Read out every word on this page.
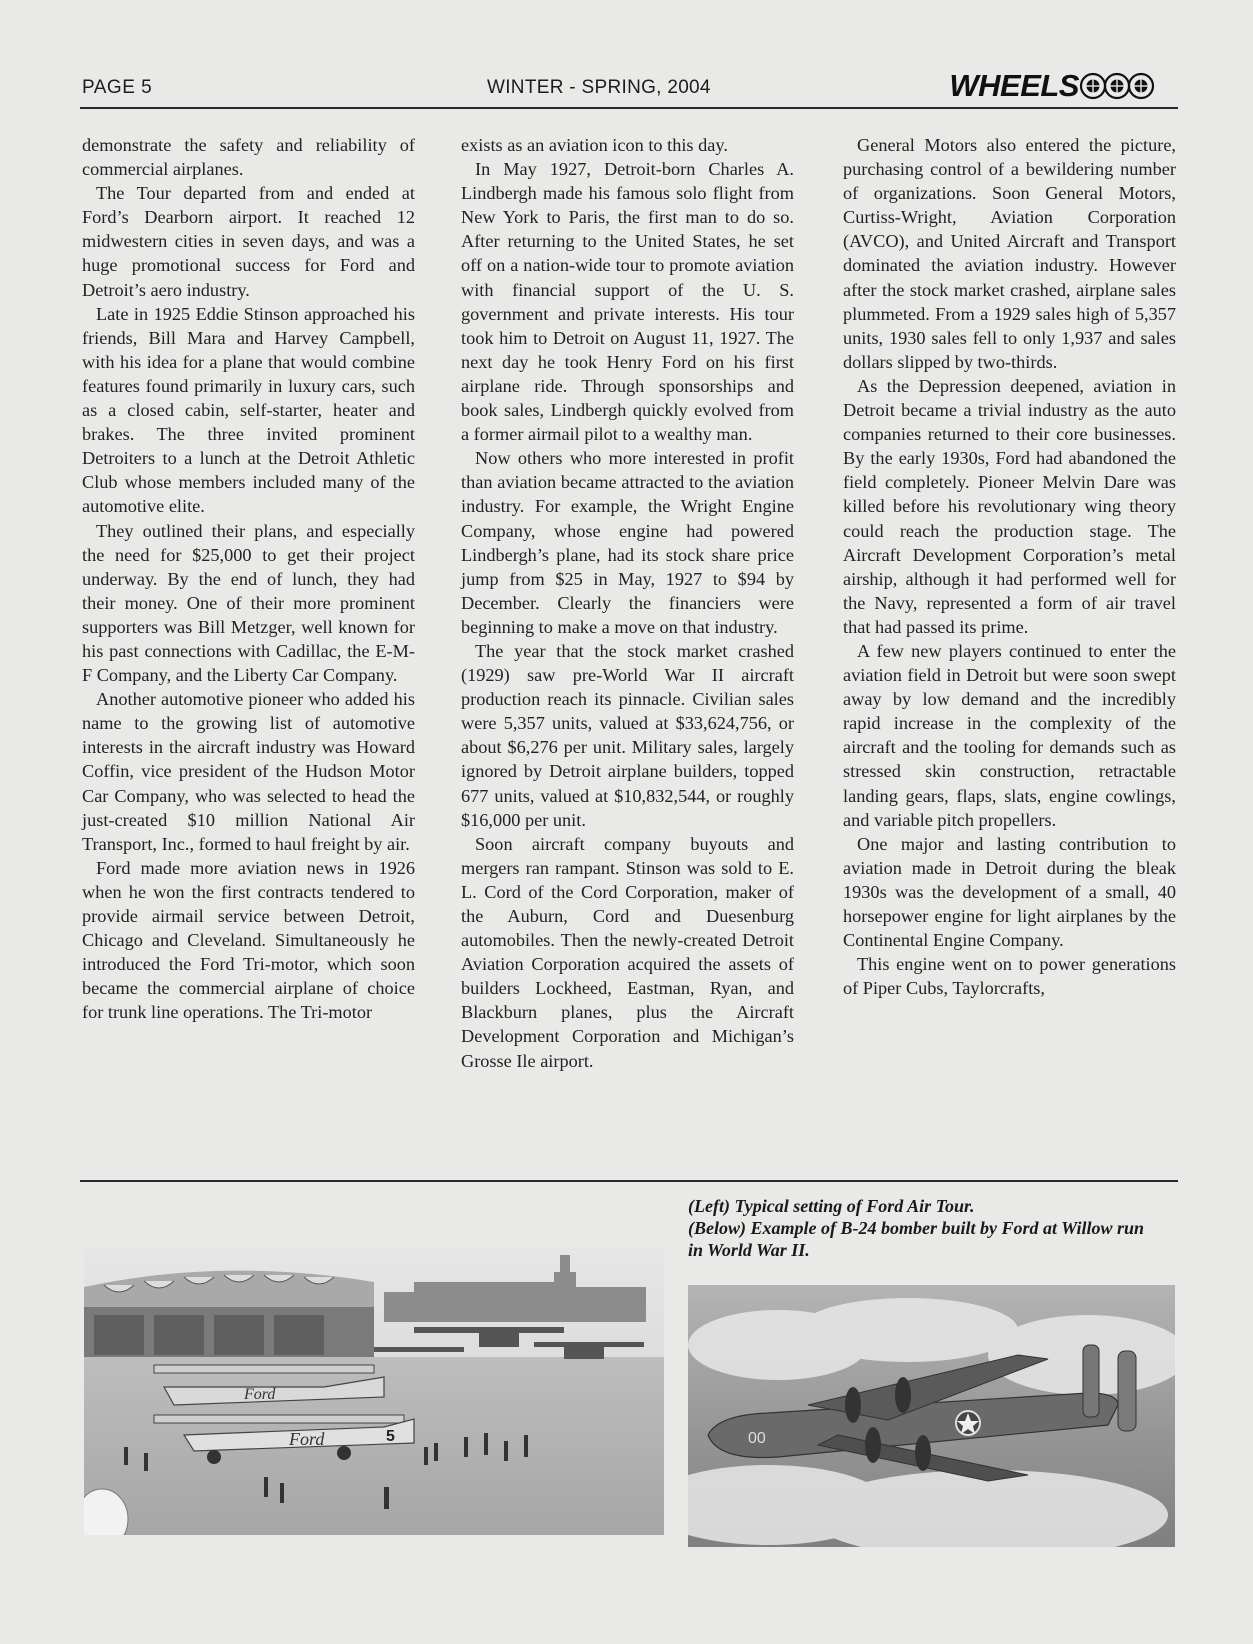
PAGE 5	WINTER - SPRING, 2004	WHEELS

demonstrate the safety and reliability of commercial airplanes.

The Tour departed from and ended at Ford’s Dearborn airport. It reached 12 midwestern cities in seven days, and was a huge promotional success for Ford and Detroit’s aero industry.

Late in 1925 Eddie Stinson approached his friends, Bill Mara and Harvey Campbell, with his idea for a plane that would combine features found primarily in luxury cars, such as a closed cabin, self-starter, heater and brakes. The three invited prominent Detroiters to a lunch at the Detroit Athletic Club whose members included many of the automotive elite.

They outlined their plans, and especially the need for $25,000 to get their project underway. By the end of lunch, they had their money. One of their more prominent supporters was Bill Metzger, well known for his past connections with Cadillac, the E-M-F Company, and the Liberty Car Company.

Another automotive pioneer who added his name to the growing list of automotive interests in the aircraft industry was Howard Coffin, vice president of the Hudson Motor Car Company, who was selected to head the just-created $10 million National Air Transport, Inc., formed to haul freight by air.

Ford made more aviation news in 1926 when he won the first contracts tendered to provide airmail service between Detroit, Chicago and Cleveland. Simultaneously he introduced the Ford Tri-motor, which soon became the commercial airplane of choice for trunk line operations. The Tri-motor

exists as an aviation icon to this day.

In May 1927, Detroit-born Charles A. Lindbergh made his famous solo flight from New York to Paris, the first man to do so. After returning to the United States, he set off on a nation-wide tour to promote aviation with financial support of the U. S. government and private interests. His tour took him to Detroit on August 11, 1927. The next day he took Henry Ford on his first airplane ride. Through sponsorships and book sales, Lindbergh quickly evolved from a former airmail pilot to a wealthy man.

Now others who more interested in profit than aviation became attracted to the aviation industry. For example, the Wright Engine Company, whose engine had powered Lindbergh’s plane, had its stock share price jump from $25 in May, 1927 to $94 by December. Clearly the financiers were beginning to make a move on that industry.

The year that the stock market crashed (1929) saw pre-World War II aircraft production reach its pinnacle. Civilian sales were 5,357 units, valued at $33,624,756, or about $6,276 per unit. Military sales, largely ignored by Detroit airplane builders, topped 677 units, valued at $10,832,544, or roughly $16,000 per unit.

Soon aircraft company buyouts and mergers ran rampant. Stinson was sold to E. L. Cord of the Cord Corporation, maker of the Auburn, Cord and Duesenburg automobiles. Then the newly-created Detroit Aviation Corporation acquired the assets of builders Lockheed, Eastman, Ryan, and Blackburn planes, plus the Aircraft Development Corporation and Michigan’s Grosse Ile airport.

General Motors also entered the picture, purchasing control of a bewildering number of organizations. Soon General Motors, Curtiss-Wright, Aviation Corporation (AVCO), and United Aircraft and Transport dominated the aviation industry. However after the stock market crashed, airplane sales plummeted. From a 1929 sales high of 5,357 units, 1930 sales fell to only 1,937 and sales dollars slipped by two-thirds.

As the Depression deepened, aviation in Detroit became a trivial industry as the auto companies returned to their core businesses. By the early 1930s, Ford had abandoned the field completely. Pioneer Melvin Dare was killed before his revolutionary wing theory could reach the production stage. The Aircraft Development Corporation’s metal airship, although it had performed well for the Navy, represented a form of air travel that had passed its prime.

A few new players continued to enter the aviation field in Detroit but were soon swept away by low demand and the incredibly rapid increase in the complexity of the aircraft and the tooling for demands such as stressed skin construction, retractable landing gears, flaps, slats, engine cowlings, and variable pitch propellers.

One major and lasting contribution to aviation made in Detroit during the bleak 1930s was the development of a small, 40 horsepower engine for light airplanes by the Continental Engine Company.

This engine went on to power generations of Piper Cubs, Taylorcrafts,

(Left) Typical setting of Ford Air Tour.
(Below) Example of B-24 bomber built by Ford at Willow run in World War II.
Ford
Ford	5	00
